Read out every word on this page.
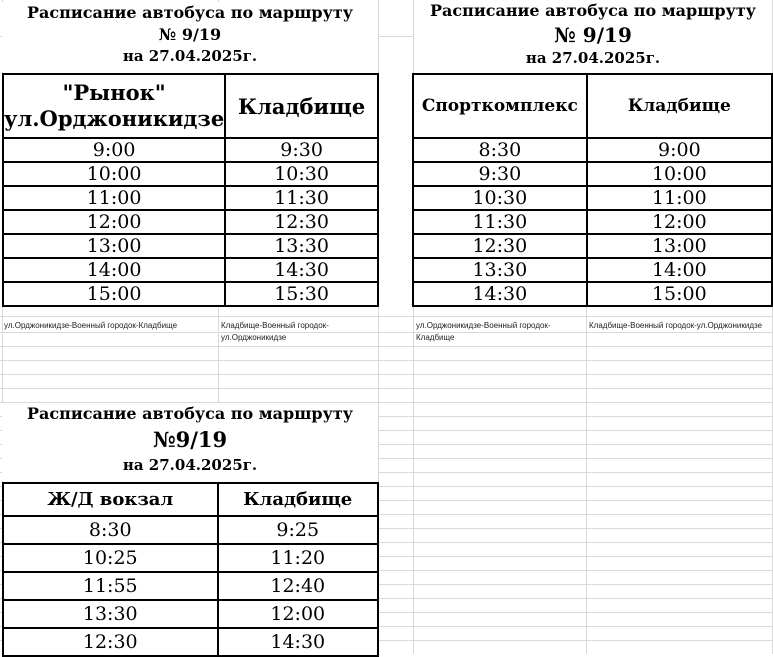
Расписание автобуса по маршруту
№ 9/19
на 27.04.2025г.
"Рынок" ул.Орджоникидзе	Кладбище
9:00	9:30
10:00	10:30
11:00	11:30
12:00	12:30
13:00	13:30
14:00	14:30
15:00	15:30
ул.Орджоникидзе-Военный городок-Кладбище	Кладбище-Военный городок-ул.Орджоникидзе
Расписание автобуса по маршруту
№ 9/19
на 27.04.2025г.
Спорткомплекс	Кладбище
8:30	9:00
9:30	10:00
10:30	11:00
11:30	12:00
12:30	13:00
13:30	14:00
14:30	15:00
ул.Орджоникидзе-Военный городок-Кладбище
Кладбище-Военный городок-ул.Орджоникидзе
Расписание автобуса по маршруту
№9/19
на 27.04.2025г.
Ж/Д вокзал	Кладбище
8:30	9:25
10:25	11:20
11:55	12:40
13:30	12:00
12:30	14:30
